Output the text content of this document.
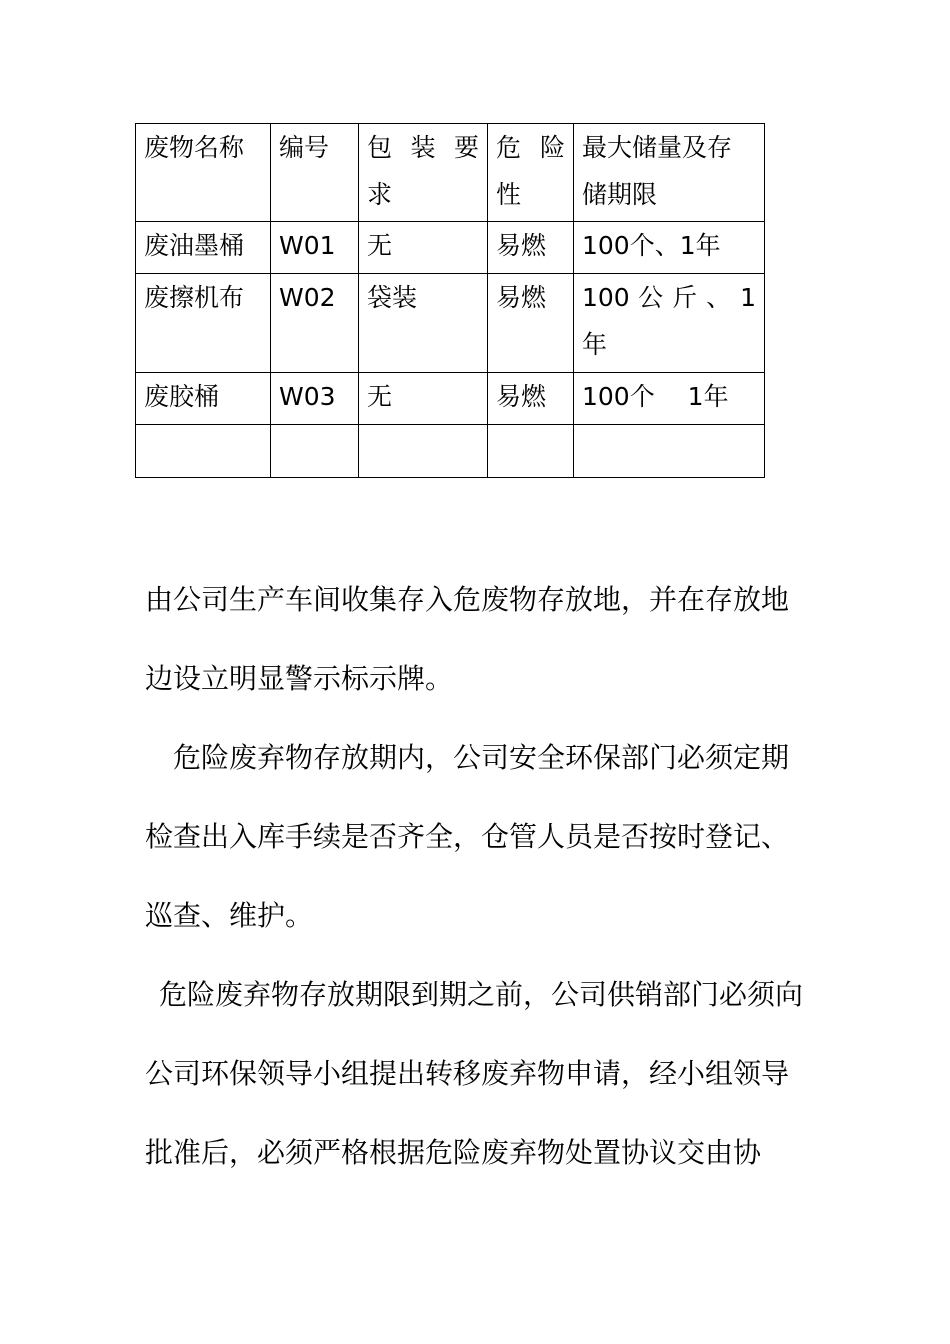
废物名称	编号	包 装 要 求	危 险 性	最大储量及存储期限
废油墨桶	W01	无	易燃	100个、1年
废擦机布	W02	袋装	易燃	100 公 斤 、 1 年
废胶桶	W03	无	易燃	100个　 1年

由公司生产车间收集存入危废物存放地，并在存放地边设立明显警示标示牌。

危险废弃物存放期内，公司安全环保部门必须定期检查出入库手续是否齐全，仓管人员是否按时登记、巡查、维护。

危险废弃物存放期限到期之前，公司供销部门必须向公司环保领导小组提出转移废弃物申请，经小组领导批准后，必须严格根据危险废弃物处置协议交由协
